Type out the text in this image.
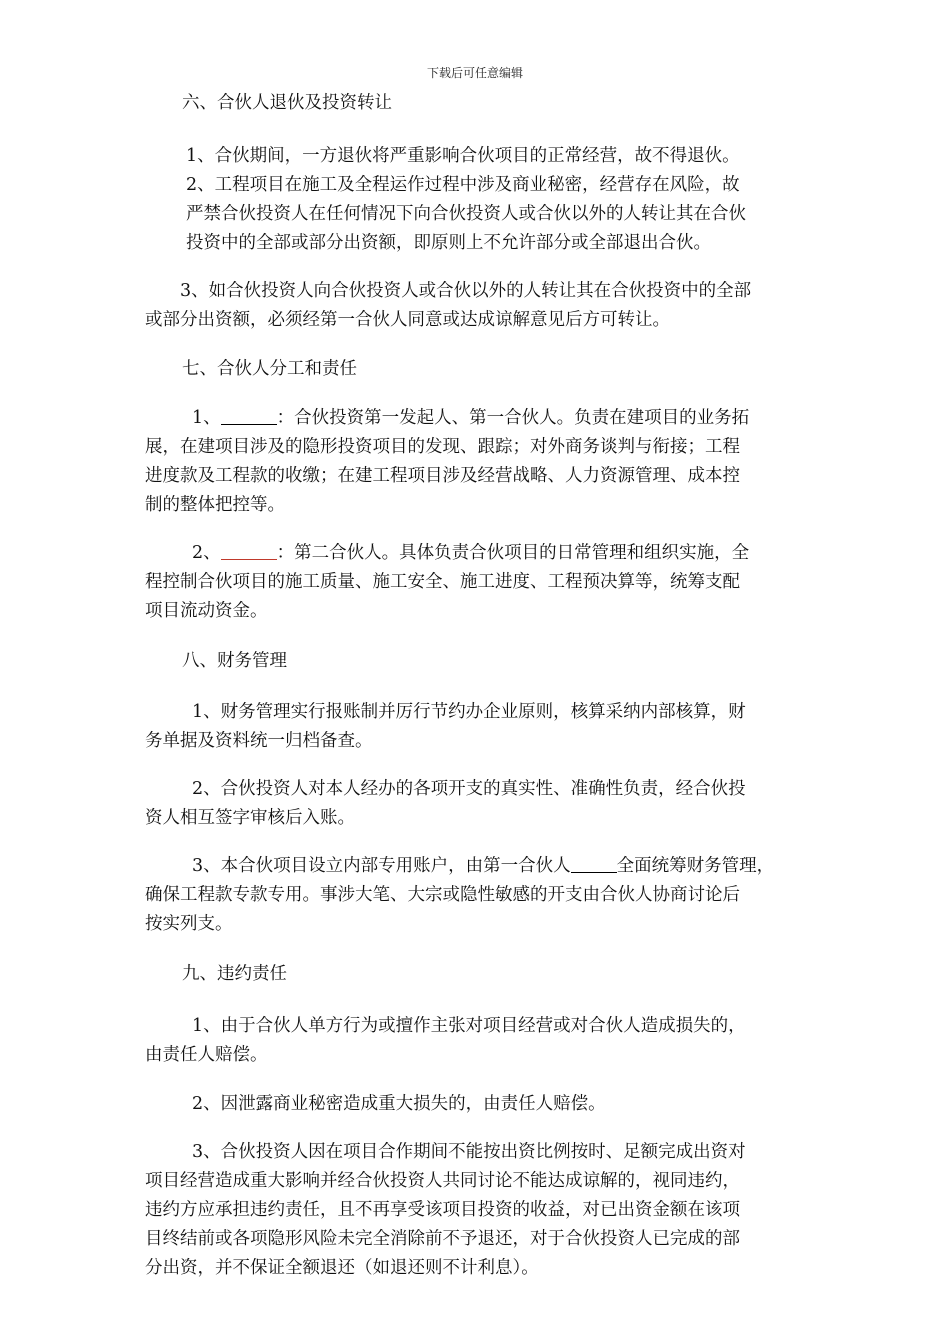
下载后可任意编辑
六、合伙人退伙及投资转让
1、合伙期间，一方退伙将严重影响合伙项目的正常经营，故不得退伙。
2、工程项目在施工及全程运作过程中涉及商业秘密，经营存在风险，故
严禁合伙投资人在任何情况下向合伙投资人或合伙以外的人转让其在合伙
投资中的全部或部分出资额，即原则上不允许部分或全部退出合伙。
3、如合伙投资人向合伙投资人或合伙以外的人转让其在合伙投资中的全部
或部分出资额，必须经第一合伙人同意或达成谅解意见后方可转让。
七、合伙人分工和责任
1、	：合伙投资第一发起人、第一合伙人。负责在建项目的业务拓
展，在建项目涉及的隐形投资项目的发现、跟踪；对外商务谈判与衔接；工程
进度款及工程款的收缴；在建工程项目涉及经营战略、人力资源管理、成本控
制的整体把控等。
2、	：第二合伙人。具体负责合伙项目的日常管理和组织实施，全
程控制合伙项目的施工质量、施工安全、施工进度、工程预决算等，统筹支配
项目流动资金。
八、财务管理
1、财务管理实行报账制并厉行节约办企业原则，核算采纳内部核算，财
务单据及资料统一归档备查。
2、合伙投资人对本人经办的各项开支的真实性、准确性负责，经合伙投
资人相互签字审核后入账。
3、本合伙项目设立内部专用账户，由第一合伙人	全面统筹财务管理，
确保工程款专款专用。事涉大笔、大宗或隐性敏感的开支由合伙人协商讨论后
按实列支。
九、违约责任
1、由于合伙人单方行为或擅作主张对项目经营或对合伙人造成损失的，
由责任人赔偿。
2、因泄露商业秘密造成重大损失的，由责任人赔偿。
3、合伙投资人因在项目合作期间不能按出资比例按时、足额完成出资对
项目经营造成重大影响并经合伙投资人共同讨论不能达成谅解的，视同违约，
违约方应承担违约责任，且不再享受该项目投资的收益，对已出资金额在该项
目终结前或各项隐形风险未完全消除前不予退还，对于合伙投资人已完成的部
分出资，并不保证全额退还（如退还则不计利息）。
